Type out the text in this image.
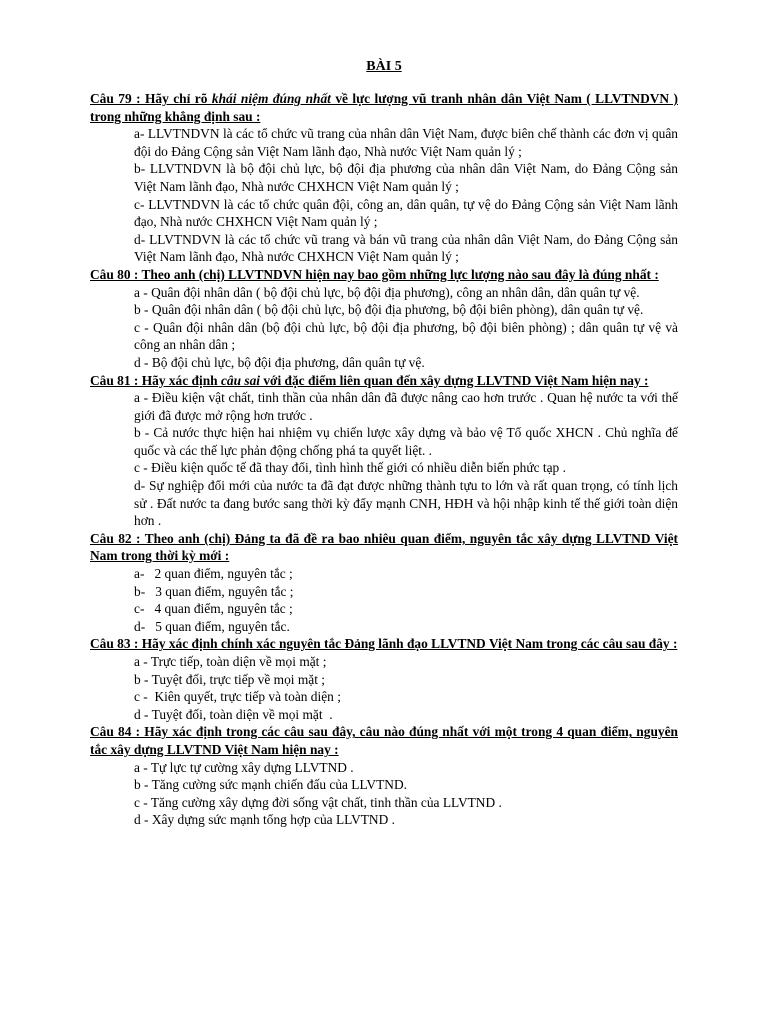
BÀI 5

Câu 79 : Hãy chỉ rõ khái niệm đúng nhất về lực lượng vũ tranh nhân dân Việt Nam ( LLVTNDVN ) trong những khẳng định sau :

a- LLVTNDVN là các tổ chức vũ trang của nhân dân Việt Nam, được biên chế thành các đơn vị quân đội do Đảng Cộng sản Việt Nam lãnh đạo, Nhà nước Việt Nam quản lý ;

b- LLVTNDVN là bộ đội chủ lực, bộ đội địa phương của nhân dân Việt Nam, do Đảng Cộng sản Việt Nam lãnh đạo, Nhà nước CHXHCN Việt Nam quản lý ;

c- LLVTNDVN là các tổ chức quân đội, công an, dân quân, tự vệ do Đảng Cộng sản Việt Nam lãnh đạo, Nhà nước CHXHCN Việt Nam quản lý ;

d- LLVTNDVN là các tổ chức vũ trang và bán vũ trang của nhân dân Việt Nam, do Đảng Cộng sản Việt Nam lãnh đạo, Nhà nước CHXHCN Việt Nam quản lý ;

Câu 80 : Theo anh (chị) LLVTNDVN hiện nay bao gồm những lực lượng nào sau đây là đúng nhất :

a - Quân đội nhân dân ( bộ đội chủ lực, bộ đội địa phương), công an nhân dân, dân quân tự vệ.

b - Quân đội nhân dân ( bộ đội chủ lực, bộ đội địa phương, bộ đội biên phòng), dân quân tự vệ.

c - Quân đội nhân dân (bộ đội chủ lực, bộ đội địa phương, bộ đội biên phòng) ; dân quân tự vệ và công an nhân dân ;

d - Bộ đội chủ lực, bộ đội địa phương, dân quân tự vệ.

Câu 81 : Hãy xác định câu sai với đặc điểm liên quan đến xây dựng LLVTND Việt Nam hiện nay :

a - Điều kiện vật chất, tinh thần của nhân dân đã được nâng cao hơn trước . Quan hệ nước ta với thế giới đã được mở rộng hơn trước .

b - Cả nước thực hiện hai nhiệm vụ chiến lược xây dựng và bảo vệ Tổ quốc XHCN . Chủ nghĩa đế quốc và các thế lực phản động chống phá ta quyết liệt. .

c - Điều kiện quốc tế đã thay đổi, tình hình thế giới có nhiều diễn biến phức tạp .

d- Sự nghiệp đổi mới của nước ta đã đạt được những thành tựu to lớn và rất quan trọng, có tính lịch sử . Đất nước ta đang bước sang thời kỳ đẩy mạnh CNH, HĐH và hội nhập kinh tế thế giới toàn diện hơn .

Câu 82 : Theo anh (chị) Đảng ta đã đề ra bao nhiêu quan điểm, nguyên tắc xây dựng LLVTND Việt Nam trong thời kỳ mới :

a-   2 quan điểm, nguyên tắc ;

b-   3 quan điểm, nguyên tắc ;

c-   4 quan điểm, nguyên tắc ;

d-   5 quan điểm, nguyên tắc.

Câu 83 : Hãy xác định chính xác nguyên tắc Đảng lãnh đạo LLVTND Việt Nam trong các câu sau đây :

a - Trực tiếp, toàn diện về mọi mặt ;

b - Tuyệt đối, trực tiếp về mọi mặt ;

c -  Kiên quyết, trực tiếp và toàn diện ;

d - Tuyệt đối, toàn diện về mọi mặt  .

Câu 84 : Hãy xác định trong các câu sau đây, câu nào đúng nhất với một trong 4 quan điểm, nguyên tắc xây dựng LLVTND Việt Nam hiện nay :

a - Tự lực tự cường xây dựng LLVTND .

b - Tăng cường sức mạnh chiến đấu của LLVTND.

c - Tăng cường xây dựng đời sống vật chất, tinh thần của LLVTND .

d - Xây dựng sức mạnh tổng hợp của LLVTND .
